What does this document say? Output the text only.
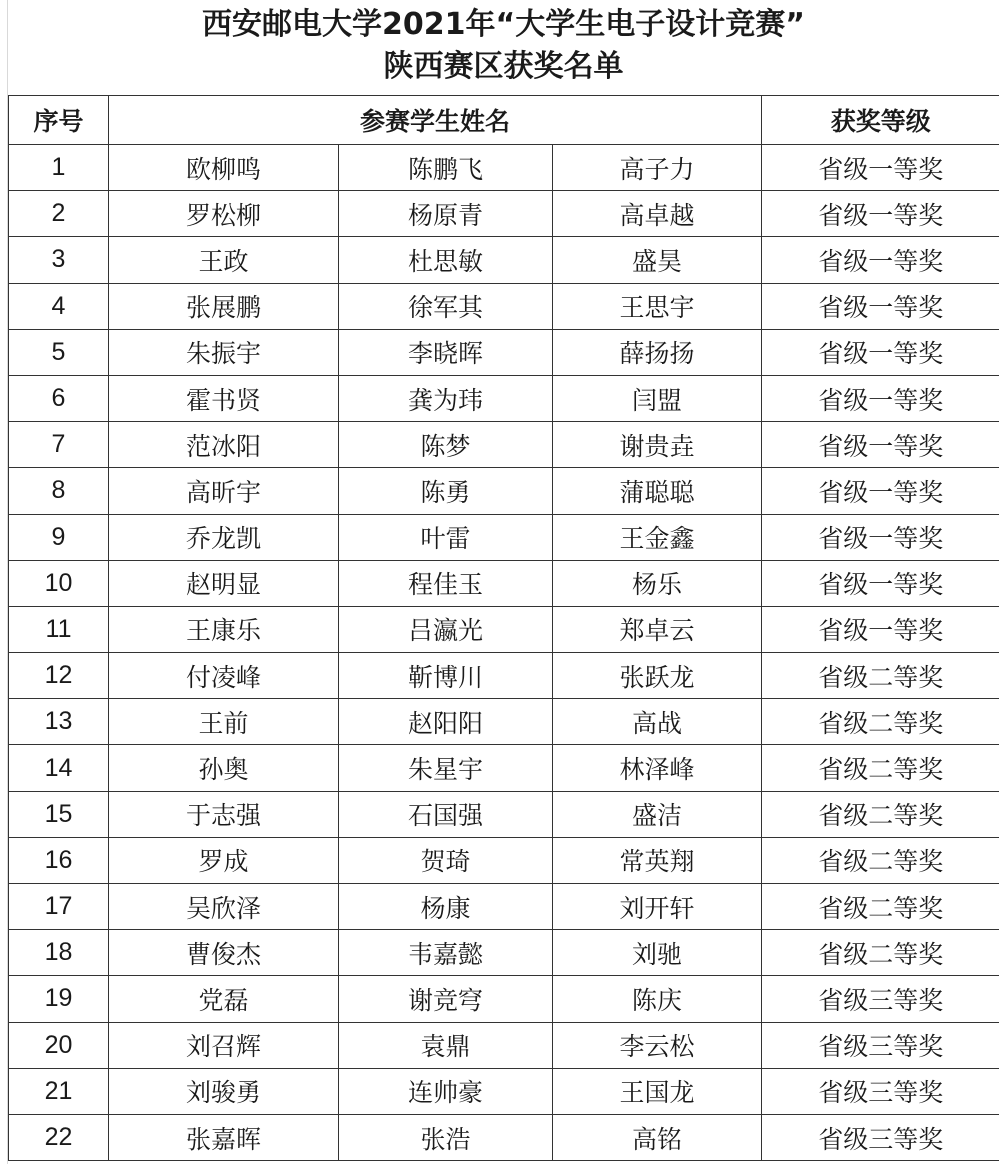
西安邮电大学2021年“大学生电子设计竞赛”
陕西赛区获奖名单
序号	参赛学生姓名			获奖等级
1	欧柳鸣	陈鹏飞	高子力	省级一等奖
2	罗松柳	杨原青	高卓越	省级一等奖
3	王政	杜思敏	盛昊	省级一等奖
4	张展鹏	徐军其	王思宇	省级一等奖
5	朱振宇	李晓晖	薛扬扬	省级一等奖
6	霍书贤	龚为玮	闫盟	省级一等奖
7	范冰阳	陈梦	谢贵垚	省级一等奖
8	高昕宇	陈勇	蒲聪聪	省级一等奖
9	乔龙凯	叶雷	王金鑫	省级一等奖
10	赵明显	程佳玉	杨乐	省级一等奖
11	王康乐	吕瀛光	郑卓云	省级一等奖
12	付凌峰	靳博川	张跃龙	省级二等奖
13	王前	赵阳阳	高战	省级二等奖
14	孙奥	朱星宇	林泽峰	省级二等奖
15	于志强	石国强	盛洁	省级二等奖
16	罗成	贺琦	常英翔	省级二等奖
17	吴欣泽	杨康	刘开轩	省级二等奖
18	曹俊杰	韦嘉懿	刘驰	省级二等奖
19	党磊	谢竞穹	陈庆	省级三等奖
20	刘召辉	袁鼎	李云松	省级三等奖
21	刘骏勇	连帅豪	王国龙	省级三等奖
22	张嘉晖	张浩	高铭	省级三等奖
